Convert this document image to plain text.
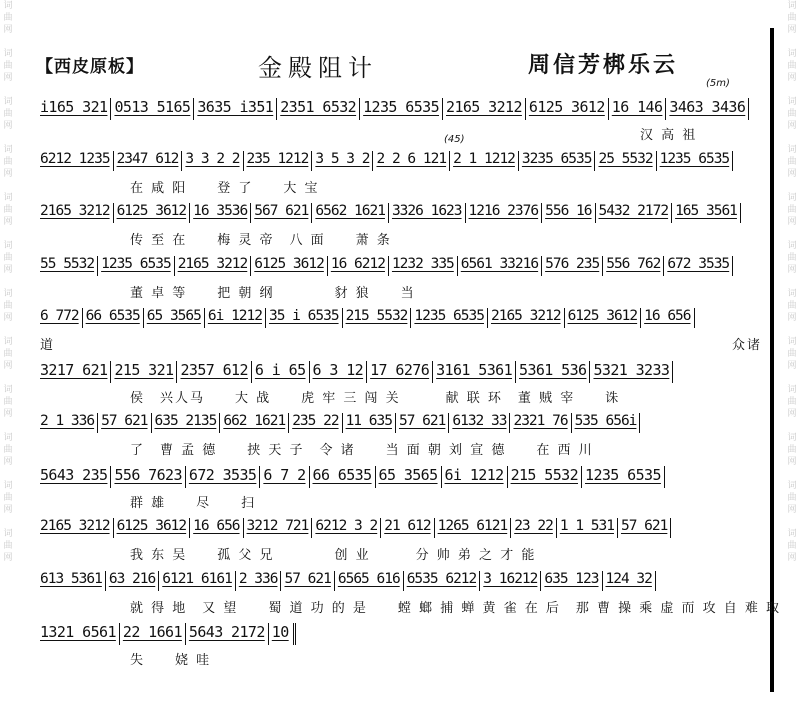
词
曲
网

词
曲
网

词
曲
网

词
曲
网

词
曲
网

词
曲
网

词
曲
网

词
曲
网

词
曲
网

词
曲
网

词
曲
网

词
曲
网
词
曲
网

词
曲
网

词
曲
网

词
曲
网

词
曲
网

词
曲
网

词
曲
网

词
曲
网

词
曲
网

词
曲
网

词
曲
网

词
曲
网
【西皮原板】	金殿阻计	周信芳梆乐云
(5m)
(45)
i165 321 0513 5165 3635 i351 2351 6532 1235 6535 2165 3212 6125 3612 16 146 3463 3436
汉 高 祖
6212 1235 2347 612 3 3 2 2 235 1212 3 5 3 2 2 2 6 121 2 1 1212 3235 6535 25 5532 1235 6535
在 咸 阳　　登 了　　大 宝
2165 3212 6125 3612 16 3536 567 621 6562 1621 3326 1623 1216 2376 556 16 5432 2172 165 3561
传 至 在　　梅 灵 帝　八 面　　萧 条
55 5532 1235 6535 2165 3212 6125 3612 16 6212 1232 335 6561 33216 576 235 556 762 672 3535
董 卓 等　　把 朝 纲　　　　豺 狼　　当
6 772 66 6535 65 3565 6i 1212 35 i 6535 215 5532 1235 6535 2165 3212 6125 3612 16 656
道	众诸
3217 621 215 321 2357 612 6 i 65 6 3 12 17 6276 3161 5361 5361 536 5321 3233
侯　兴人马　　大 战　　虎 牢 三 闯 关　　　献 联 环　董 贼 宰　　诛
2 1 336 57 621 635 2135 662 1621 235 22 11 635 57 621 6132 33 2321 76 535 656i
了　曹 孟 德　　挟 天 子　令 诸　　当 面 朝 刘 宣 德　　在 西 川
5643 235 556 7623 672 3535 6 7 2 66 6535 65 3565 6i 1212 215 5532 1235 6535
群 雄　　尽　　扫
2165 3212 6125 3612 16 656 3212 721 6212 3 2 21 612 1265 6121 23 22 1 1 531 57 621
我 东 吴　　孤 父 兄　　　　创 业　　　分 帅 弟 之 才 能
613 5361 63 216 6121 6161 2 336 57 621 6565 616 6535 6212 3 16212 635 123 124 32
就 得 地　又 望　　蜀 道 功 的 是　　螳 螂 捕 蝉 黄 雀 在 后　那 曹 操 乘 虚 而 攻 自 难 取
1321 6561 22 1661 5643 2172 10
失　　娆 哇
